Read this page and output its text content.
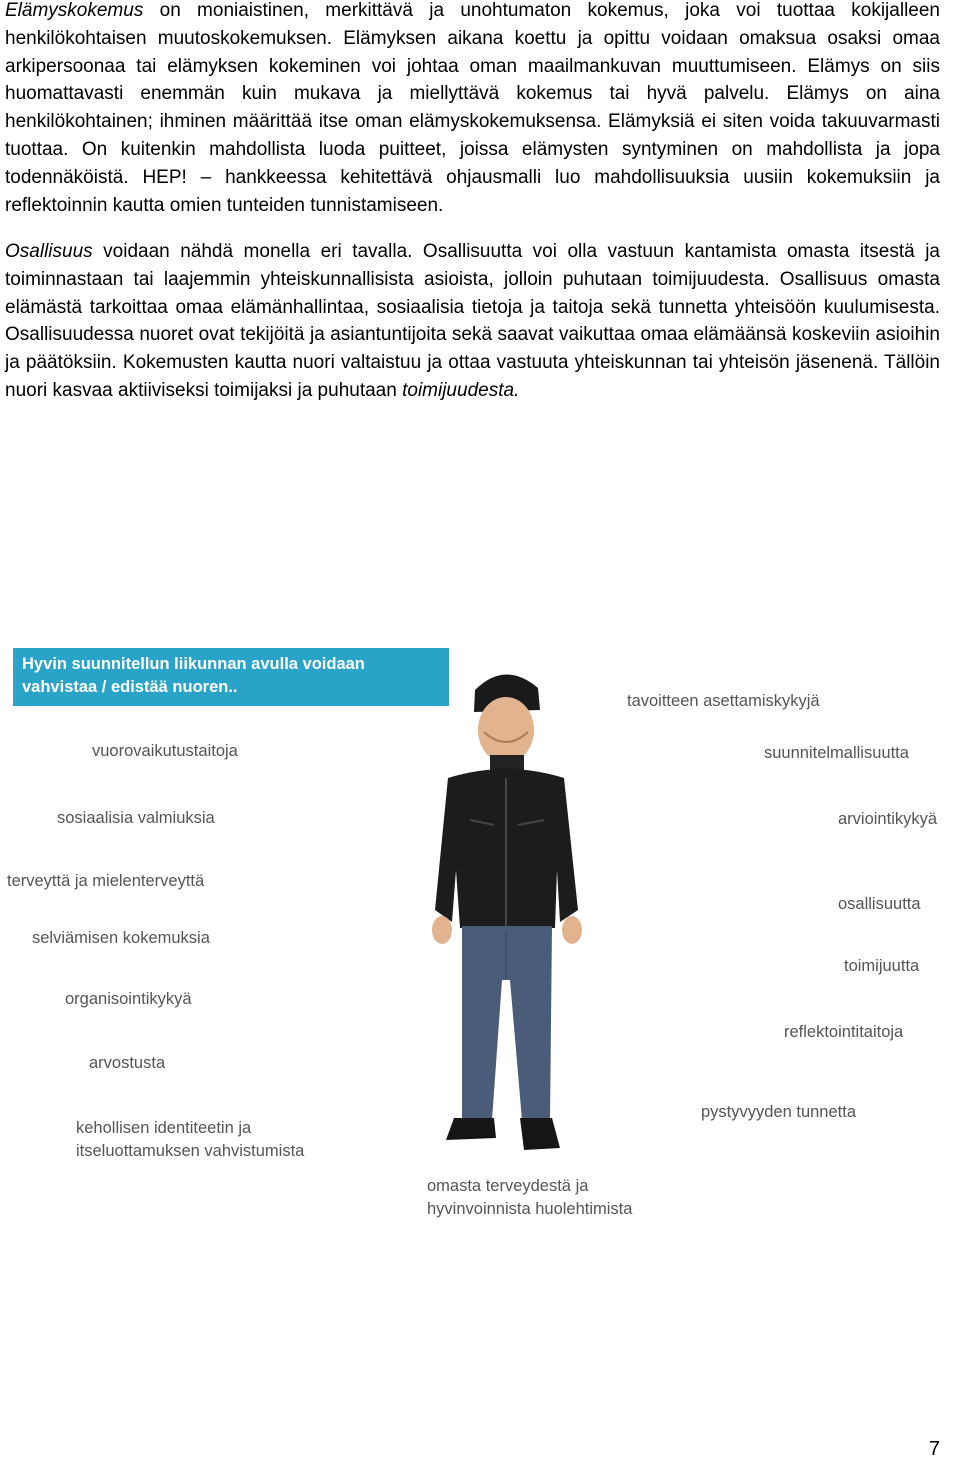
Elämyskokemus on moniaistinen, merkittävä ja unohtumaton kokemus, joka voi tuottaa kokijalleen henkilökohtaisen muutoskokemuksen. Elämyksen aikana koettu ja opittu voidaan omaksua osaksi omaa arkipersoonaa tai elämyksen kokeminen voi johtaa oman maailmankuvan muuttumiseen. Elämys on siis huomattavasti enemmän kuin mukava ja miellyttävä kokemus tai hyvä palvelu. Elämys on aina henkilökohtainen; ihminen määrittää itse oman elämyskokemuksensa. Elämyksiä ei siten voida takuuvarmasti tuottaa. On kuitenkin mahdollista luoda puitteet, joissa elämysten syntyminen on mahdollista ja jopa todennäköistä. HEP! – hankkeessa kehitettävä ohjausmalli luo mahdollisuuksia uusiin kokemuksiin ja reflektoinnin kautta omien tunteiden tunnistamiseen.

Osallisuus voidaan nähdä monella eri tavalla. Osallisuutta voi olla vastuun kantamista omasta itsestä ja toiminnastaan tai laajemmin yhteiskunnallisista asioista, jolloin puhutaan toimijuudesta. Osallisuus omasta elämästä tarkoittaa omaa elämänhallintaa, sosiaalisia tietoja ja taitoja sekä tunnetta yhteisöön kuulumisesta. Osallisuudessa nuoret ovat tekijöitä ja asiantuntijoita sekä saavat vaikuttaa omaa elämäänsä koskeviin asioihin ja päätöksiin. Kokemusten kautta nuori valtaistuu ja ottaa vastuuta yhteiskunnan tai yhteisön jäsenenä. Tällöin nuori kasvaa aktiiviseksi toimijaksi ja puhutaan toimijuudesta.

Hyvin suunnitellun liikunnan avulla voidaan
vahvistaa / edistää nuoren..
vuorovaikutustaitoja
sosiaalisia valmiuksia
terveyttä ja mielenterveyttä
selviämisen kokemuksia
organisointikykyä
arvostusta
kehollisen identiteetin ja
itseluottamuksen vahvistumista
tavoitteen asettamiskykyjä
suunnitelmallisuutta
arviointikykyä
osallisuutta
toimijuutta
reflektointitaitoja
pystyvyyden tunnetta
omasta terveydestä ja
hyvinvoinnista huolehtimista
7
